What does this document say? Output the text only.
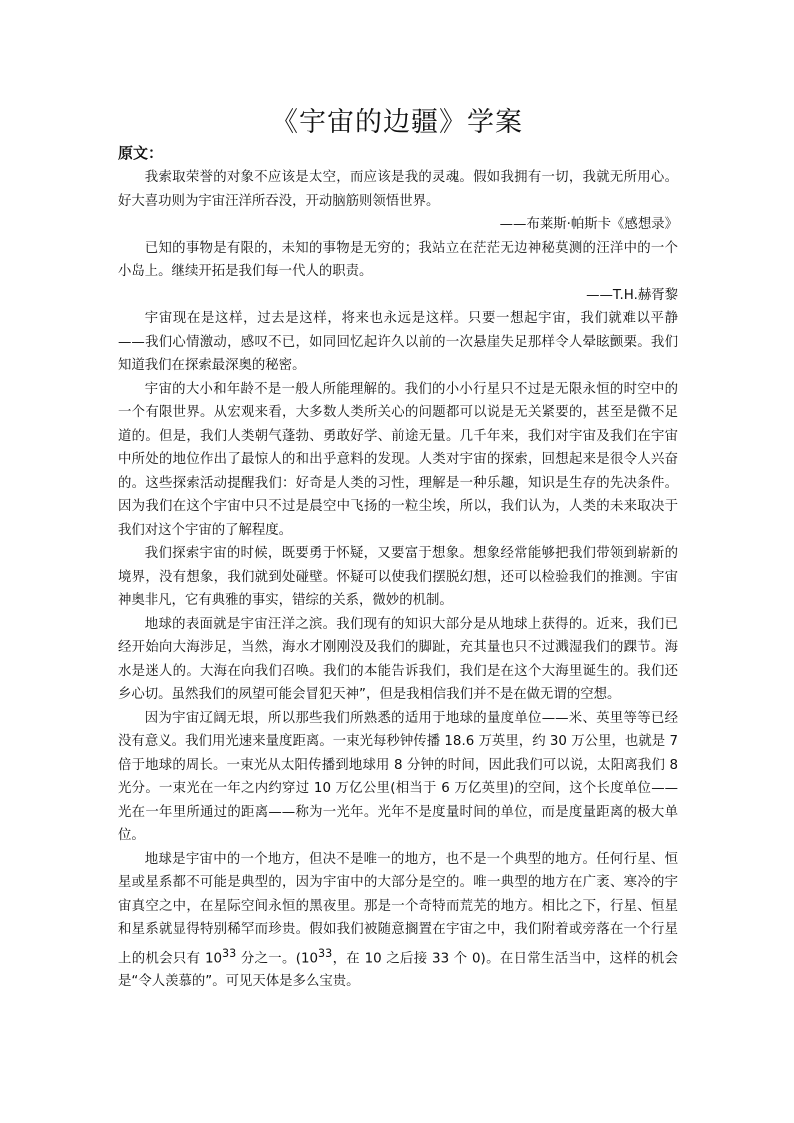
《宇宙的边疆》学案
原文：

我索取荣誉的对象不应该是太空，而应该是我的灵魂。假如我拥有一切，我就无所用心。好大喜功则为宇宙汪洋所吞没，开动脑筋则领悟世界。

——布莱斯·帕斯卡《感想录》

已知的事物是有限的，未知的事物是无穷的；我站立在茫茫无边神秘莫测的汪洋中的一个小岛上。继续开拓是我们每一代人的职责。

——T.H.赫胥黎

宇宙现在是这样，过去是这样，将来也永远是这样。只要一想起宇宙，我们就难以平静——我们心情激动，感叹不已，如同回忆起许久以前的一次悬崖失足那样令人晕眩颤栗。我们知道我们在探索最深奥的秘密。

宇宙的大小和年龄不是一般人所能理解的。我们的小小行星只不过是无限永恒的时空中的一个有限世界。从宏观来看，大多数人类所关心的问题都可以说是无关紧要的，甚至是微不足道的。但是，我们人类朝气蓬勃、勇敢好学、前途无量。几千年来，我们对宇宙及我们在宇宙中所处的地位作出了最惊人的和出乎意料的发现。人类对宇宙的探索，回想起来是很令人兴奋的。这些探索活动提醒我们：好奇是人类的习性，理解是一种乐趣，知识是生存的先决条件。因为我们在这个宇宙中只不过是晨空中飞扬的一粒尘埃，所以，我们认为，人类的未来取决于我们对这个宇宙的了解程度。

我们探索宇宙的时候，既要勇于怀疑，又要富于想象。想象经常能够把我们带领到崭新的境界，没有想象，我们就到处碰壁。怀疑可以使我们摆脱幻想，还可以检验我们的推测。宇宙神奥非凡，它有典雅的事实，错综的关系，微妙的机制。

地球的表面就是宇宙汪洋之滨。我们现有的知识大部分是从地球上获得的。近来，我们已经开始向大海涉足，当然，海水才刚刚没及我们的脚趾，充其量也只不过溅湿我们的踝节。海水是迷人的。大海在向我们召唤。我们的本能告诉我们，我们是在这个大海里诞生的。我们还乡心切。虽然我们的夙望可能会冒犯天神”，但是我相信我们并不是在做无谓的空想。

因为宇宙辽阔无垠，所以那些我们所熟悉的适用于地球的量度单位——米、英里等等已经没有意义。我们用光速来量度距离。一束光每秒钟传播 18.6 万英里，约 30 万公里，也就是 7 倍于地球的周长。一束光从太阳传播到地球用 8 分钟的时间，因此我们可以说，太阳离我们 8 光分。一束光在一年之内约穿过 10 万亿公里(相当于 6 万亿英里)的空间，这个长度单位——光在一年里所通过的距离——称为一光年。光年不是度量时间的单位，而是度量距离的极大单位。

地球是宇宙中的一个地方，但决不是唯一的地方，也不是一个典型的地方。任何行星、恒星或星系都不可能是典型的，因为宇宙中的大部分是空的。唯一典型的地方在广袤、寒冷的宇宙真空之中，在星际空间永恒的黑夜里。那是一个奇特而荒芜的地方。相比之下，行星、恒星和星系就显得特别稀罕而珍贵。假如我们被随意搁置在宇宙之中，我们附着或旁落在一个行星上的机会只有 $10^{33}$ 分之一。($10^{33}$，在 10 之后接 33 个 0)。在日常生活当中，这样的机会是“令人羡慕的”。可见天体是多么宝贵。
